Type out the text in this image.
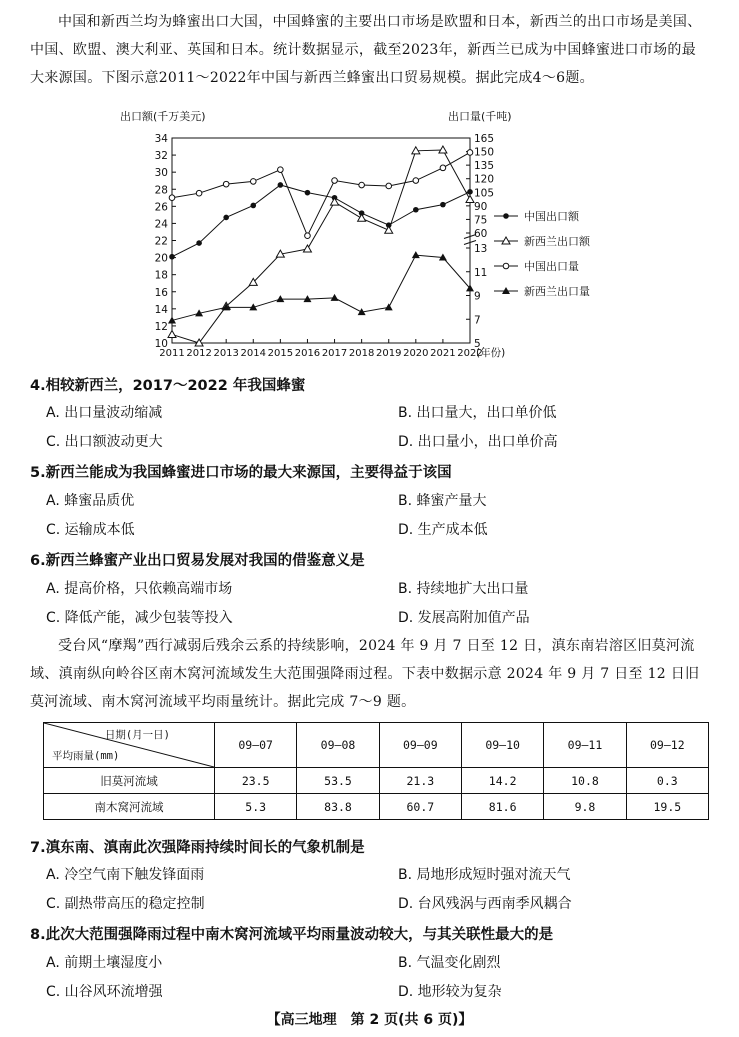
中国和新西兰均为蜂蜜出口大国，中国蜂蜜的主要出口市场是欧盟和日本，新西兰的出口市场是美国、中国、欧盟、澳大利亚、英国和日本。统计数据显示，截至2023年，新西兰已成为中国蜂蜜进口市场的最大来源国。下图示意2011～2022年中国与新西兰蜂蜜出口贸易规模。据此完成4～6题。

10
12
14
16
18
20
22
24
26
28
30
32
34
60
75
90
105
120
135
150
165
5
7
9
11
13
2011 2012 2013 2014 2015 2016 2017 2018 2019 2020 2021 2022
(年份)
出口额(千万美元)	出口量(千吨)
中国出口额
新西兰出口额
中国出口量
新西兰出口量
4.相较新西兰，2017～2022 年我国蜂蜜
A. 出口量波动缩减	B. 出口量大，出口单价低
C. 出口额波动更大	D. 出口量小，出口单价高
5.新西兰能成为我国蜂蜜进口市场的最大来源国，主要得益于该国
A. 蜂蜜品质优	B. 蜂蜜产量大
C. 运输成本低	D. 生产成本低
6.新西兰蜂蜜产业出口贸易发展对我国的借鉴意义是
A. 提高价格，只依赖高端市场	B. 持续地扩大出口量
C. 降低产能，减少包装等投入	D. 发展高附加值产品

受台风“摩羯”西行减弱后残余云系的持续影响，2024 年 9 月 7 日至 12 日，滇东南岩溶区旧莫河流域、滇南纵向岭谷区南木窝河流域发生大范围强降雨过程。下表中数据示意 2024 年 9 月 7 日至 12 日旧莫河流域、南木窝河流域平均雨量统计。据此完成 7～9 题。

日期(月一日)
平均雨量(mm)	09—07	09—08	09—09	09—10	09—11	09—12
旧莫河流域	23.5	53.5	21.3	14.2	10.8	0.3
南木窝河流域	5.3	83.8	60.7	81.6	9.8	19.5
7.滇东南、滇南此次强降雨持续时间长的气象机制是
A. 冷空气南下触发锋面雨	B. 局地形成短时强对流天气
C. 副热带高压的稳定控制	D. 台风残涡与西南季风耦合
8.此次大范围强降雨过程中南木窝河流域平均雨量波动较大，与其关联性最大的是
A. 前期土壤湿度小	B. 气温变化剧烈
C. 山谷风环流增强	D. 地形较为复杂
【高三地理　第 2 页(共 6 页)】
